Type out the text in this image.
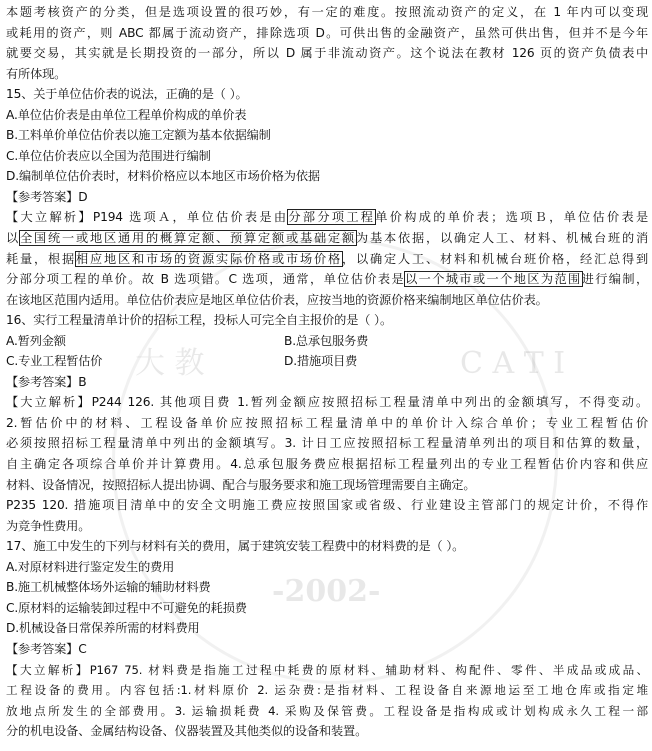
大 教	C A T I
-2002-
本题考核资产的分类，但是选项设置的很巧妙，有一定的难度。按照流动资产的定义，在 1 年内可以变现
或耗用的资产，则 ABC 都属于流动资产，排除选项 D。可供出售的金融资产，虽然可供出售，但并不是今年
就要交易，其实就是长期投资的一部分，所以 D 属于非流动资产。这个说法在教材 126 页的资产负债表中
有所体现。
15、关于单位估价表的说法，正确的是（ ）。
A.单位估价表是由单位工程单价构成的单价表
B.工料单价单位估价表以施工定额为基本依据编制
C.单位估价表应以全国为范围进行编制
D.编制单位估价表时，材料价格应以本地区市场价格为依据
【参考答案】D
【大立解析】P194 选项Ａ，单位估价表是由分部分项工程单价构成的单价表；选项Ｂ，单位估价表是
以全国统一或地区通用的概算定额、预算定额或基础定额为基本依据，以确定人工、材料、机械台班的消
耗量，根据相应地区和市场的资源实际价格或市场价格，以确定人工、材料和机械台班价格，经汇总得到
分部分项工程的单价。故 B 选项错。C 选项，通常，单位估价表是以一个城市或一个地区为范围进行编制，
在该地区范围内适用。单位估价表应是地区单位估价表，应按当地的资源价格来编制地区单位估价表。
16、实行工程量清单计价的招标工程，投标人可完全自主报价的是（ ）。
A.暂列金额	B.总承包服务费
C.专业工程暂估价	D.措施项目费
【参考答案】B
【大立解析】P244 126. 其他项目费 1.暂列金额应按照招标工程量清单中列出的金额填写，不得变动。
2.暂估价中的材料、工程设备单价应按照招标工程量清单中的单价计入综合单价；专业工程暂估价
必须按照招标工程量清单中列出的金额填写。3. 计日工应按照招标工程量清单列出的项目和估算的数量，
自主确定各项综合单价并计算费用。4.总承包服务费应根据招标工程量列出的专业工程暂估价内容和供应
材料、设备情况，按照招标人提出协调、配合与服务要求和施工现场管理需要自主确定。
P235 120. 措施项目清单中的安全文明施工费应按照国家或省级、行业建设主管部门的规定计价，不得作
为竞争性费用。
17、施工中发生的下列与材料有关的费用，属于建筑安装工程费中的材料费的是（ ）。
A.对原材料进行鉴定发生的费用
B.施工机械整体场外运输的辅助材料费
C.原材料的运输装卸过程中不可避免的耗损费
D.机械设备日常保养所需的材料费用
【参考答案】C
【大立解析】P167 75. 材料费是指施工过程中耗费的原材料、辅助材料、构配件、零件、半成品或成品、
工程设备的费用。内容包括:1.材料原价 2. 运杂费:是指材料、工程设备自来源地运至工地仓库或指定堆
放地点所发生的全部费用。3. 运输损耗费 4. 采购及保管费。工程设备是指构成或计划构成永久工程一部
分的机电设备、金属结构设备、仪器装置及其他类似的设备和装置。
